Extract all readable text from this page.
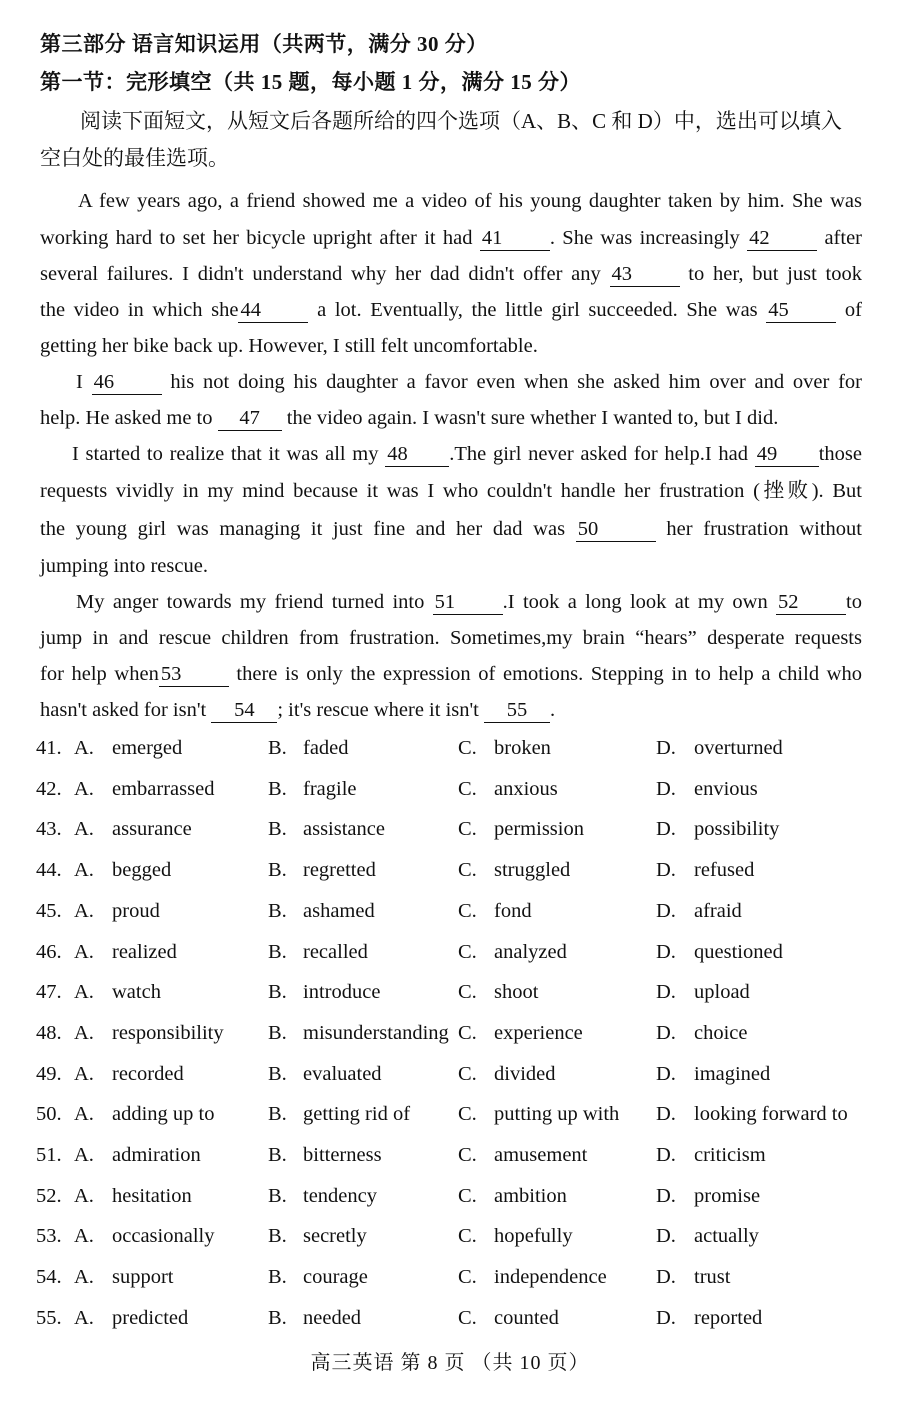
第三部分 语言知识运用（共两节，满分 30 分）
第一节：完形填空（共 15 题，每小题 1 分，满分 15 分）
阅读下面短文，从短文后各题所给的四个选项（A、B、C 和 D）中，选出可以填入
空白处的最佳选项。
A few years ago, a friend showed me a video of his young daughter taken by him. She was
working hard to set her bicycle upright after it had 41 . She was increasingly 42 after
several failures. I didn't understand why her dad didn't offer any 43 to her, but just took
the video in which she44 a lot. Eventually, the little girl succeeded. She was 45 of
getting her bike back up. However, I still felt uncomfortable.
I 46 his not doing his daughter a favor even when she asked him over and over for
help. He asked me to 47 the video again. I wasn't sure whether I wanted to, but I did.
I started to realize that it was all my 48 .The girl never asked for help.I had 49 those
requests vividly in my mind because it was I who couldn't handle her frustration (挫败). But
the young girl was managing it just fine and her dad was 50	her frustration without
jumping into rescue.
My anger towards my friend turned into 51 .I took a long look at my own 52 to
jump in and rescue children from frustration. Sometimes,my brain “hears” desperate requests
for help when53 there is only the expression of emotions. Stepping in to help a child who
hasn't asked for isn't 54 ; it's rescue where it isn't 55 .
41. A. emerged	B. faded	C. broken	D. overturned
42. A. embarrassed	B. fragile	C. anxious	D. envious
43. A. assurance	B. assistance	C. permission	D. possibility
44. A. begged	B. regretted	C. struggled	D. refused
45. A. proud	B. ashamed	C. fond	D. afraid
46. A. realized	B. recalled	C. analyzed	D. questioned
47. A. watch	B. introduce	C. shoot	D. upload
48. A. responsibility B. misunderstanding C. experience	D. choice
49. A. recorded	B. evaluated	C. divided	D. imagined
50. A. adding up to	B. getting rid of C. putting up with D. looking forward to
51. A. admiration	B. bitterness	C. amusement	D. criticism
52. A. hesitation	B. tendency	C. ambition	D. promise
53. A. occasionally	B. secretly	C. hopefully	D. actually
54. A. support	B. courage	C. independence D. trust
55. A. predicted	B. needed	C. counted	D. reported
高三英语 第 8 页 （共 10 页）
